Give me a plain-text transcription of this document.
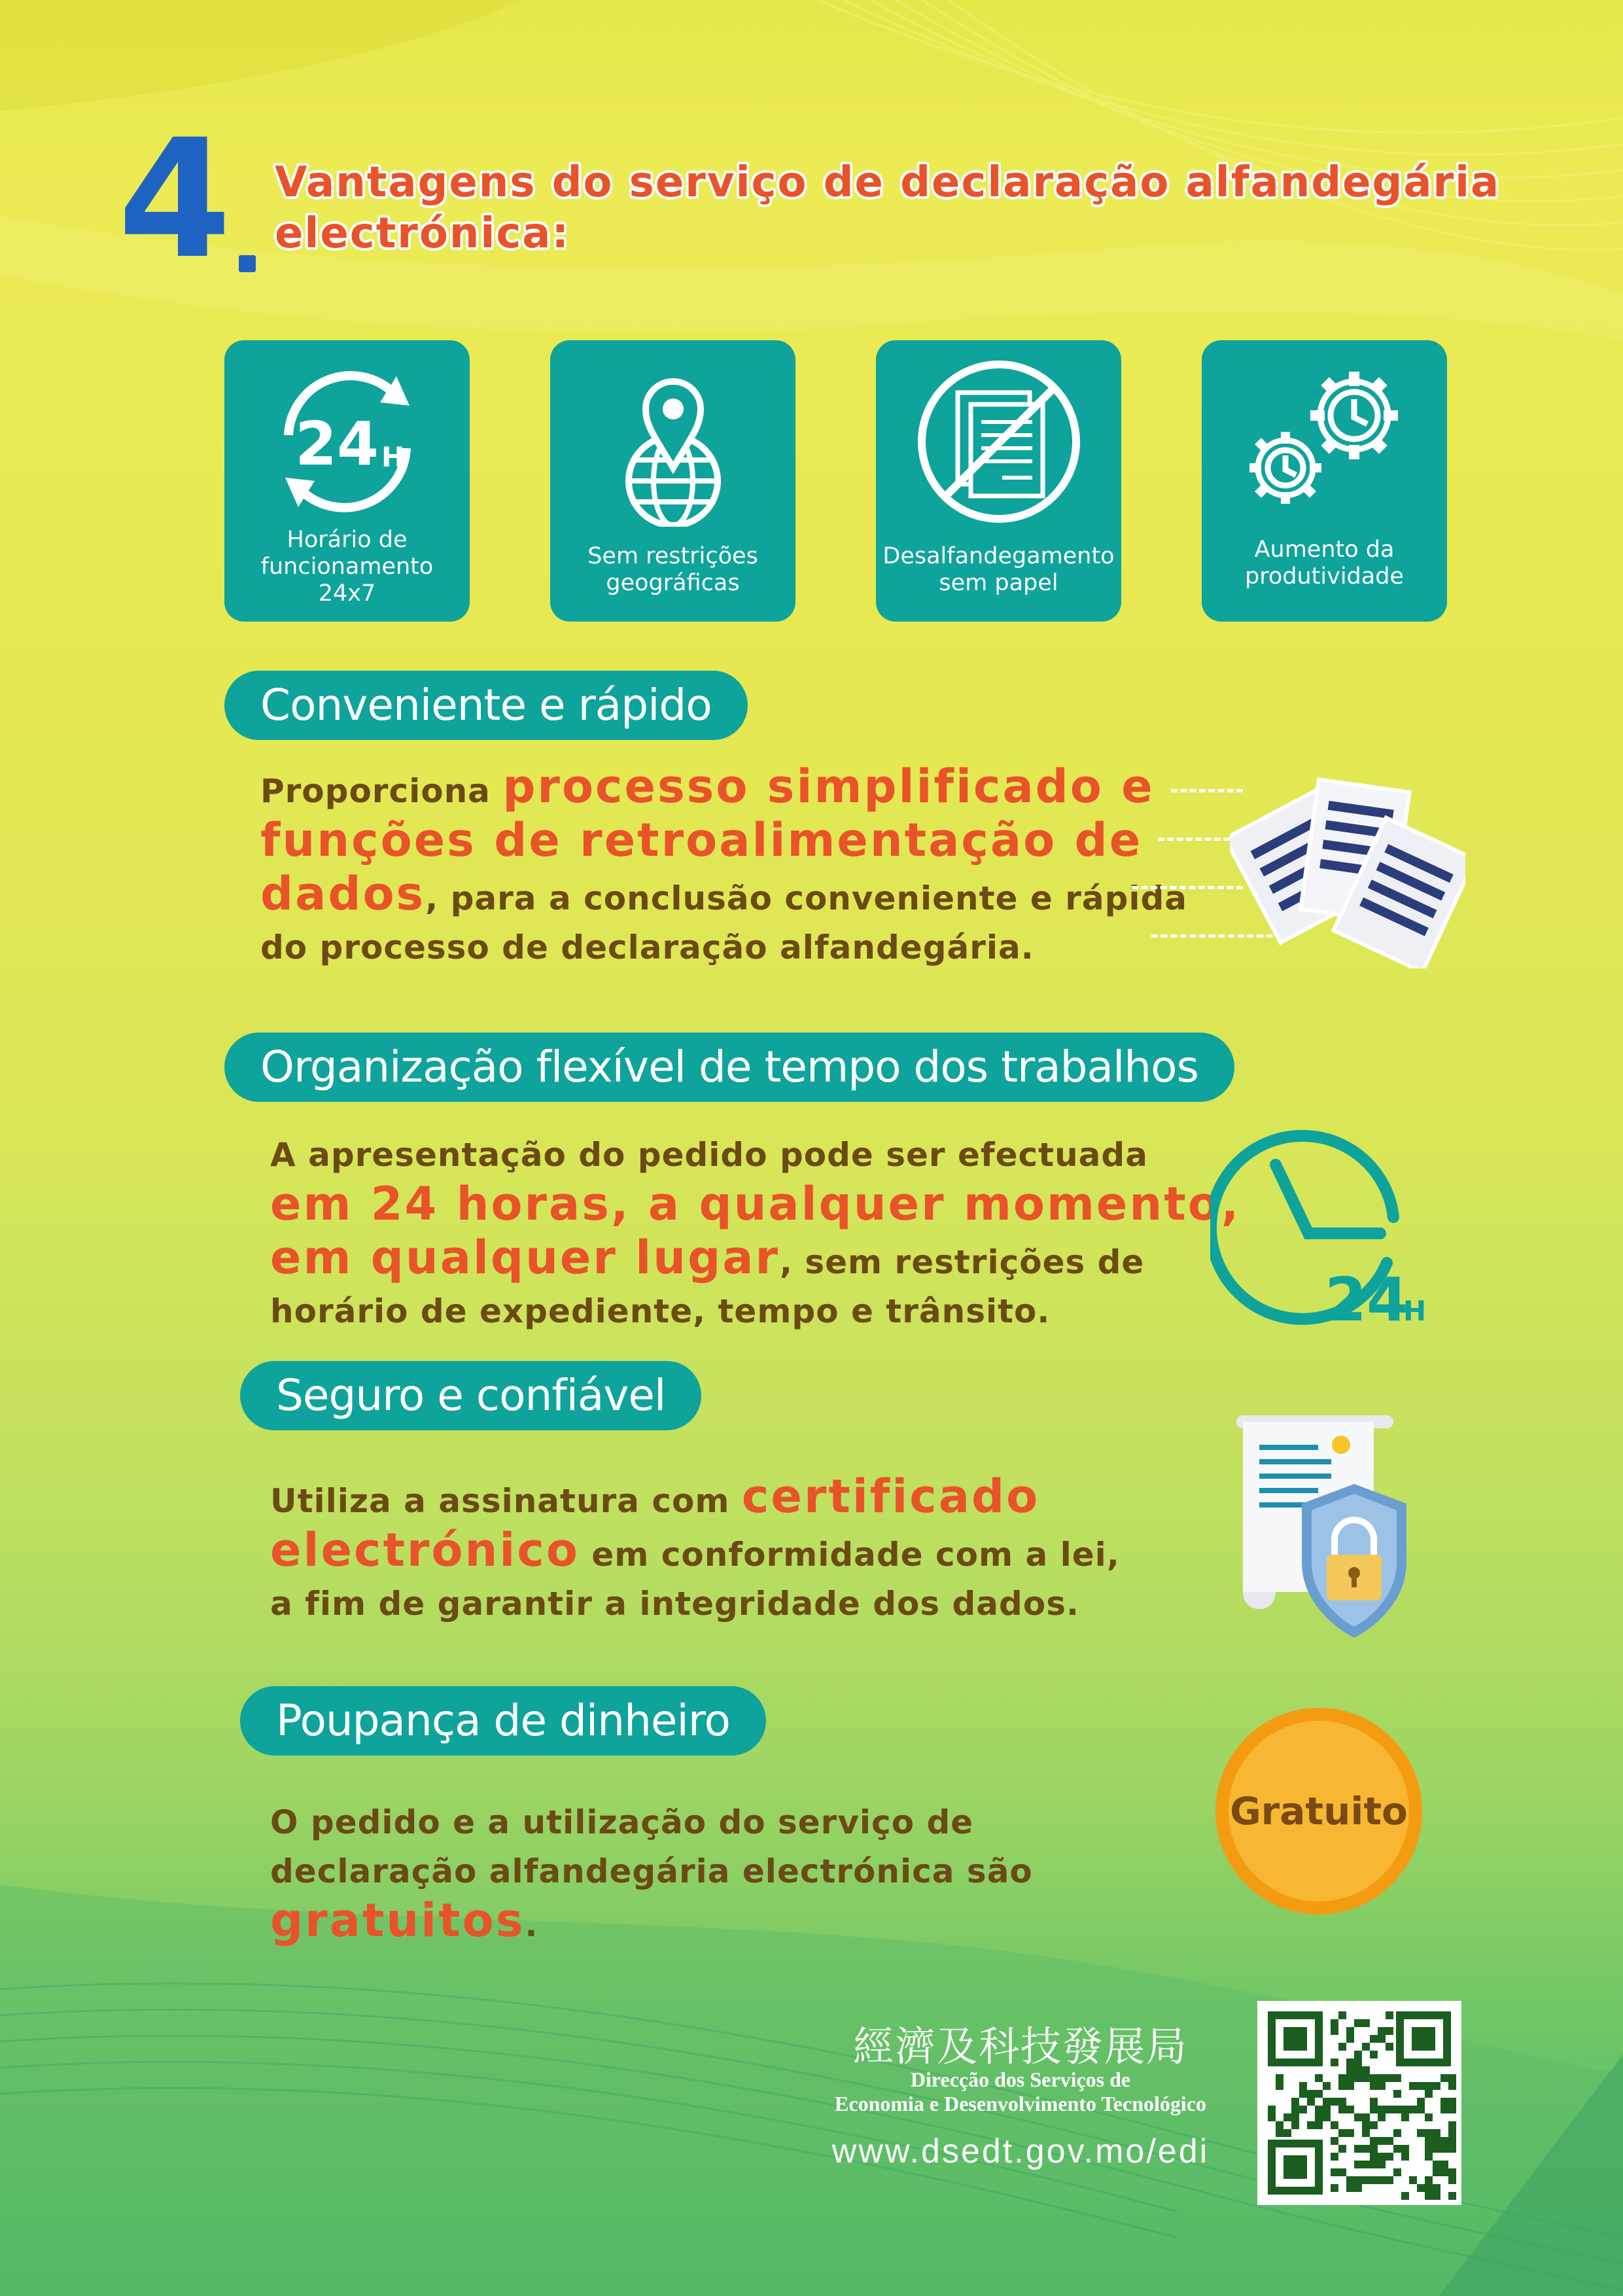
4 Vantagens do serviço de declaração alfandegária
electrónica:
24 H
Horário de
funcionamento
24x7
Sem restrições
geográficas
Desalfandegamento
sem papel
Aumento da
produtividade
Conveniente e rápido
Proporciona processo simplificado e
funções de retroalimentação de
dados, para a conclusão conveniente e rápida
do processo de declaração alfandegária.
Organização flexível de tempo dos trabalhos
A apresentação do pedido pode ser efectuada
em 24 horas, a qualquer momento,
em qualquer lugar, sem restrições de
horário de expediente, tempo e trânsito.	24
H
Seguro e confiável
Utiliza a assinatura com certificado
electrónico em conformidade com a lei,
a fim de garantir a integridade dos dados.
Poupança de dinheiro
O pedido e a utilização do serviço de
declaração alfandegária electrónica são
gratuitos.
Gratuito
經濟及科技發展局
Direcção dos Serviços de
Economia e Desenvolvimento Tecnológico
www.dsedt.gov.mo/edi
